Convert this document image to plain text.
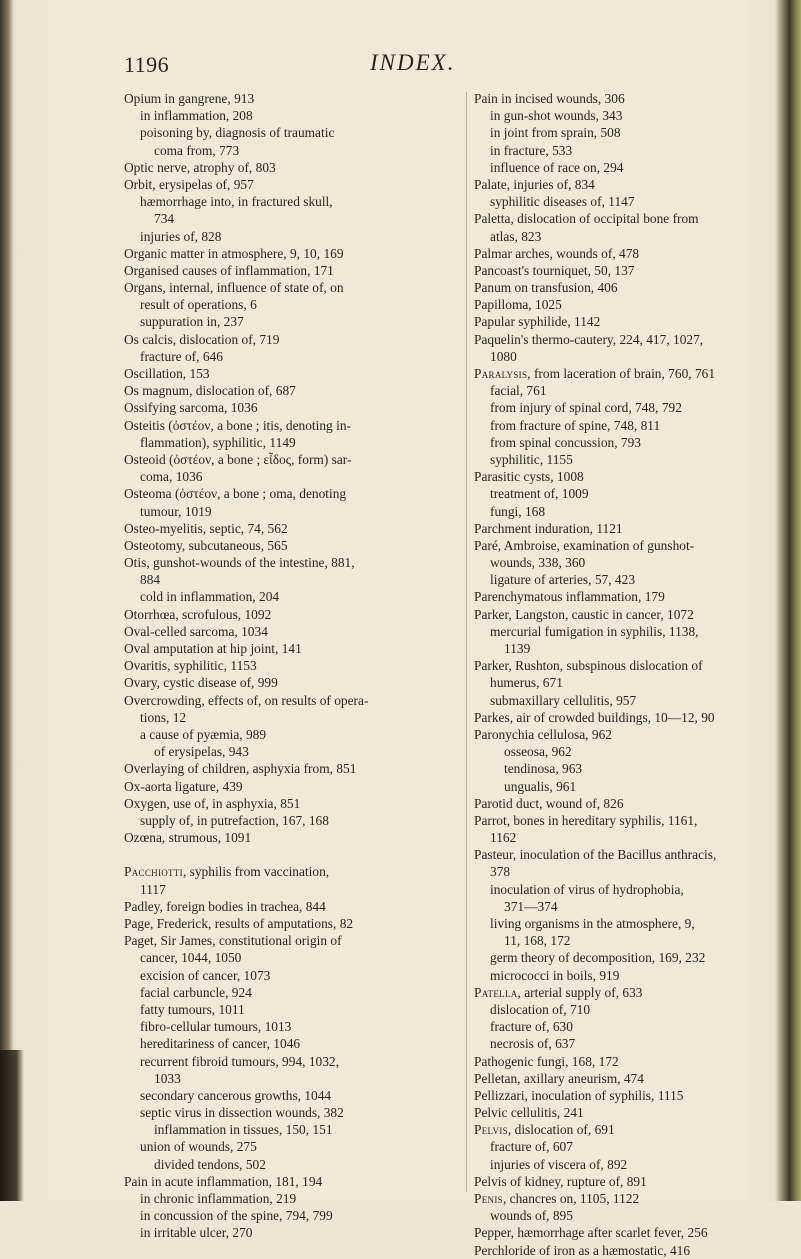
1196	INDEX.
Opium in gangrene, 913
in inflammation, 208
poisoning by, diagnosis of traumatic
coma from, 773
Optic nerve, atrophy of, 803
Orbit, erysipelas of, 957
hæmorrhage into, in fractured skull,
734
injuries of, 828
Organic matter in atmosphere, 9, 10, 169
Organised causes of inflammation, 171
Organs, internal, influence of state of, on
result of operations, 6
suppuration in, 237
Os calcis, dislocation of, 719
fracture of, 646
Oscillation, 153
Os magnum, dislocation of, 687
Ossifying sarcoma, 1036
Osteitis (ὀστέον, a bone ; itis, denoting in-
flammation), syphilitic, 1149
Osteoid (ὀστέον, a bone ; εἶδος, form) sar-
coma, 1036
Osteoma (ὀστέον, a bone ; oma, denoting
tumour, 1019
Osteo-myelitis, septic, 74, 562
Osteotomy, subcutaneous, 565
Otis, gunshot-wounds of the intestine, 881,
884
cold in inflammation, 204
Otorrhœa, scrofulous, 1092
Oval-celled sarcoma, 1034
Oval amputation at hip joint, 141
Ovaritis, syphilitic, 1153
Ovary, cystic disease of, 999
Overcrowding, effects of, on results of opera-
tions, 12
a cause of pyæmia, 989
of erysipelas, 943
Overlaying of children, asphyxia from, 851
Ox-aorta ligature, 439
Oxygen, use of, in asphyxia, 851
supply of, in putrefaction, 167, 168
Ozœna, strumous, 1091
Pacchiotti, syphilis from vaccination,
1117
Padley, foreign bodies in trachea, 844
Page, Frederick, results of amputations, 82
Paget, Sir James, constitutional origin of
cancer, 1044, 1050
excision of cancer, 1073
facial carbuncle, 924
fatty tumours, 1011
fibro-cellular tumours, 1013
hereditariness of cancer, 1046
recurrent fibroid tumours, 994, 1032,
1033
secondary cancerous growths, 1044
septic virus in dissection wounds, 382
inflammation in tissues, 150, 151
union of wounds, 275
divided tendons, 502
Pain in acute inflammation, 181, 194
in chronic inflammation, 219
in concussion of the spine, 794, 799
in irritable ulcer, 270
Pain in incised wounds, 306
in gun-shot wounds, 343
in joint from sprain, 508
in fracture, 533
influence of race on, 294
Palate, injuries of, 834
syphilitic diseases of, 1147
Paletta, dislocation of occipital bone from
atlas, 823
Palmar arches, wounds of, 478
Pancoast's tourniquet, 50, 137
Panum on transfusion, 406
Papilloma, 1025
Papular syphilide, 1142
Paquelin's thermo-cautery, 224, 417, 1027,
1080
Paralysis, from laceration of brain, 760, 761
facial, 761
from injury of spinal cord, 748, 792
from fracture of spine, 748, 811
from spinal concussion, 793
syphilitic, 1155
Parasitic cysts, 1008
treatment of, 1009
fungi, 168
Parchment induration, 1121
Paré, Ambroise, examination of gunshot-
wounds, 338, 360
ligature of arteries, 57, 423
Parenchymatous inflammation, 179
Parker, Langston, caustic in cancer, 1072
mercurial fumigation in syphilis, 1138,
1139
Parker, Rushton, subspinous dislocation of
humerus, 671
submaxillary cellulitis, 957
Parkes, air of crowded buildings, 10—12, 90
Paronychia cellulosa, 962
osseosa, 962
tendinosa, 963
ungualis, 961
Parotid duct, wound of, 826
Parrot, bones in hereditary syphilis, 1161,
1162
Pasteur, inoculation of the Bacillus anthracis,
378
inoculation of virus of hydrophobia,
371—374
living organisms in the atmosphere, 9,
11, 168, 172
germ theory of decomposition, 169, 232
micrococci in boils, 919
Patella, arterial supply of, 633
dislocation of, 710
fracture of, 630
necrosis of, 637
Pathogenic fungi, 168, 172
Pelletan, axillary aneurism, 474
Pellizzari, inoculation of syphilis, 1115
Pelvic cellulitis, 241
Pelvis, dislocation of, 691
fracture of, 607
injuries of viscera of, 892
Pelvis of kidney, rupture of, 891
Penis, chancres on, 1105, 1122
wounds of, 895
Pepper, hæmorrhage after scarlet fever, 256
Perchloride of iron as a hæmostatic, 416
